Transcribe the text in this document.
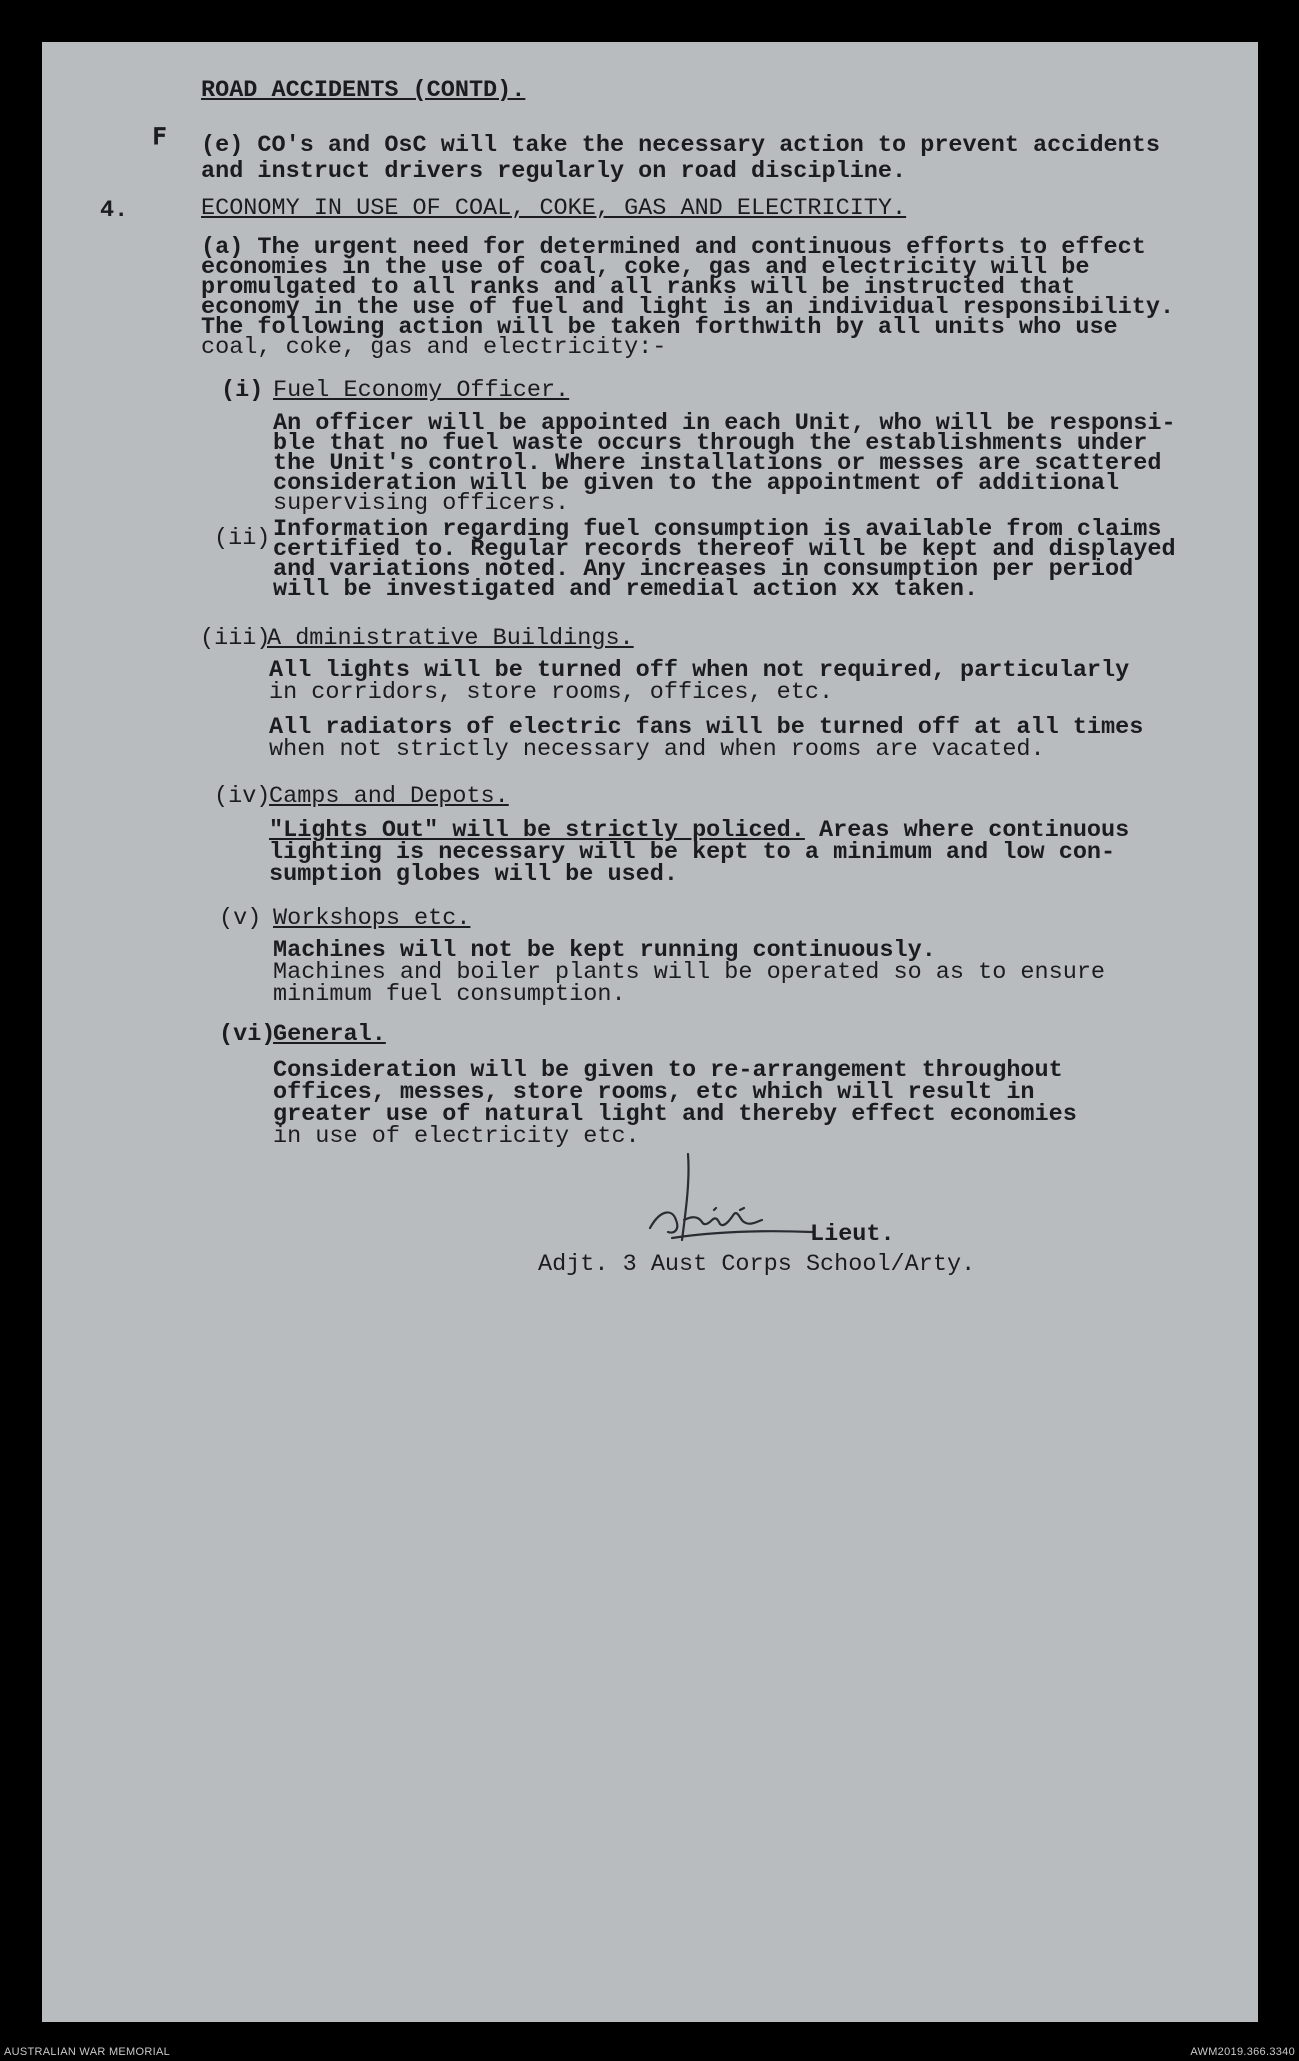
ꜰ
ROAD ACCIDENTS (CONTD).
(e) CO's and OsC will take the necessary action to prevent accidents
and instruct drivers regularly on road discipline.
4.	ECONOMY IN USE OF COAL, COKE, GAS AND ELECTRICITY.
(a) The urgent need for determined and continuous efforts to effect
economies in the use of coal, coke, gas and electricity will be
promulgated to all ranks and all ranks will be instructed that
economy in the use of fuel and light is an individual responsibility.
The following action will be taken forthwith by all units who use
coal, coke, gas and electricity:-
(i) Fuel Economy Officer.
An officer will be appointed in each Unit, who will be responsi-
ble that no fuel waste occurs through the establishments under
the Unit's control. Where installations or messes are scattered
consideration will be given to the appointment of additional
supervising officers.
(ii) Information regarding fuel consumption is available from claims
certified to. Regular records thereof will be kept and displayed
and variations noted. Any increases in consumption per period
will be investigated and remedial action xx taken.
(iii)
A dministrative Buildings.
All lights will be turned off when not required, particularly
in corridors, store rooms, offices, etc.
All radiators of electric fans will be turned off at all times
when not strictly necessary and when rooms are vacated.
(iv)
Camps and Depots.
"Lights Out" will be strictly policed. Areas where continuous
lighting is necessary will be kept to a minimum and low con-
sumption globes will be used.
(v) Workshops etc.
Machines will not be kept running continuously.
Machines and boiler plants will be operated so as to ensure
minimum fuel consumption.
(vi)
General.
Consideration will be given to re-arrangement throughout
offices, messes, store rooms, etc which will result in
greater use of natural light and thereby effect economies
in use of electricity etc.
Lieut.
Adjt. 3 Aust Corps School/Arty.
AUSTRALIAN WAR MEMORIAL	AWM2019.366.3340
